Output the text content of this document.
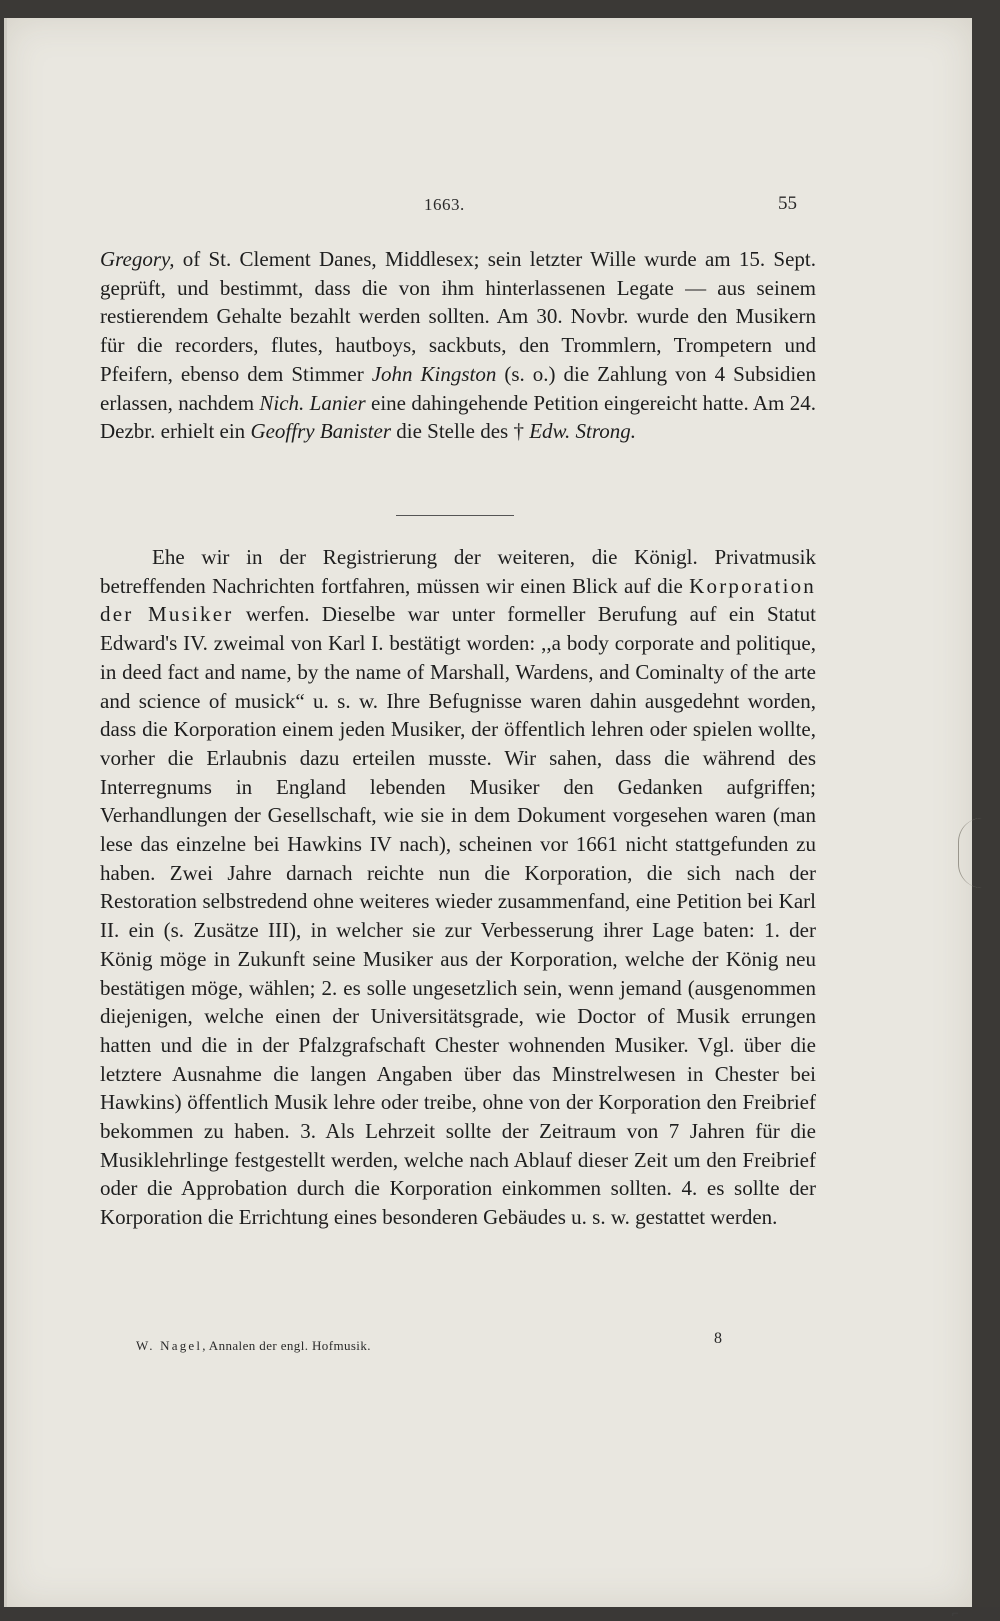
1663.	55

Gregory, of St. Clement Danes, Middlesex; sein letzter Wille wurde am 15. Sept. geprüft, und bestimmt, dass die von ihm hinterlassenen Legate — aus seinem restierendem Gehalte bezahlt werden sollten. Am 30. Novbr. wurde den Musikern für die recorders, flutes, hautboys, sackbuts, den Trommlern, Trompetern und Pfeifern, ebenso dem Stimmer John Kingston (s. o.) die Zahlung von 4 Subsidien erlassen, nachdem Nich. Lanier eine dahingehende Petition eingereicht hatte. Am 24. Dezbr. erhielt ein Geoffry Banister die Stelle des † Edw. Strong.

Ehe wir in der Registrierung der weiteren, die Königl. Privatmusik betreffenden Nachrichten fortfahren, müssen wir einen Blick auf die Korporation der Musiker werfen. Dieselbe war unter formeller Berufung auf ein Statut Edward's IV. zweimal von Karl I. bestätigt worden: ,,a body corporate and politique, in deed fact and name, by the name of Marshall, Wardens, and Cominalty of the arte and science of musick“ u. s. w. Ihre Befugnisse waren dahin ausgedehnt worden, dass die Korporation einem jeden Musiker, der öffentlich lehren oder spielen wollte, vorher die Erlaubnis dazu erteilen musste. Wir sahen, dass die während des Interregnums in England lebenden Musiker den Gedanken aufgriffen; Verhandlungen der Gesellschaft, wie sie in dem Dokument vorgesehen waren (man lese das einzelne bei Hawkins IV nach), scheinen vor 1661 nicht stattgefunden zu haben. Zwei Jahre darnach reichte nun die Korporation, die sich nach der Restoration selbstredend ohne weiteres wieder zusammenfand, eine Petition bei Karl II. ein (s. Zusätze III), in welcher sie zur Verbesserung ihrer Lage baten: 1. der König möge in Zukunft seine Musiker aus der Korporation, welche der König neu bestätigen möge, wählen; 2. es solle ungesetzlich sein, wenn jemand (ausgenommen diejenigen, welche einen der Universitätsgrade, wie Doctor of Musik errungen hatten und die in der Pfalzgrafschaft Chester wohnenden Musiker. Vgl. über die letztere Ausnahme die langen Angaben über das Minstrelwesen in Chester bei Hawkins) öffentlich Musik lehre oder treibe, ohne von der Korporation den Freibrief bekommen zu haben. 3. Als Lehrzeit sollte der Zeitraum von 7 Jahren für die Musiklehrlinge festgestellt werden, welche nach Ablauf dieser Zeit um den Freibrief oder die Approbation durch die Korporation einkommen sollten. 4. es sollte der Korporation die Errichtung eines besonderen Gebäudes u. s. w. gestattet werden.

W. Nagel, Annalen der engl. Hofmusik.	8
⌐
